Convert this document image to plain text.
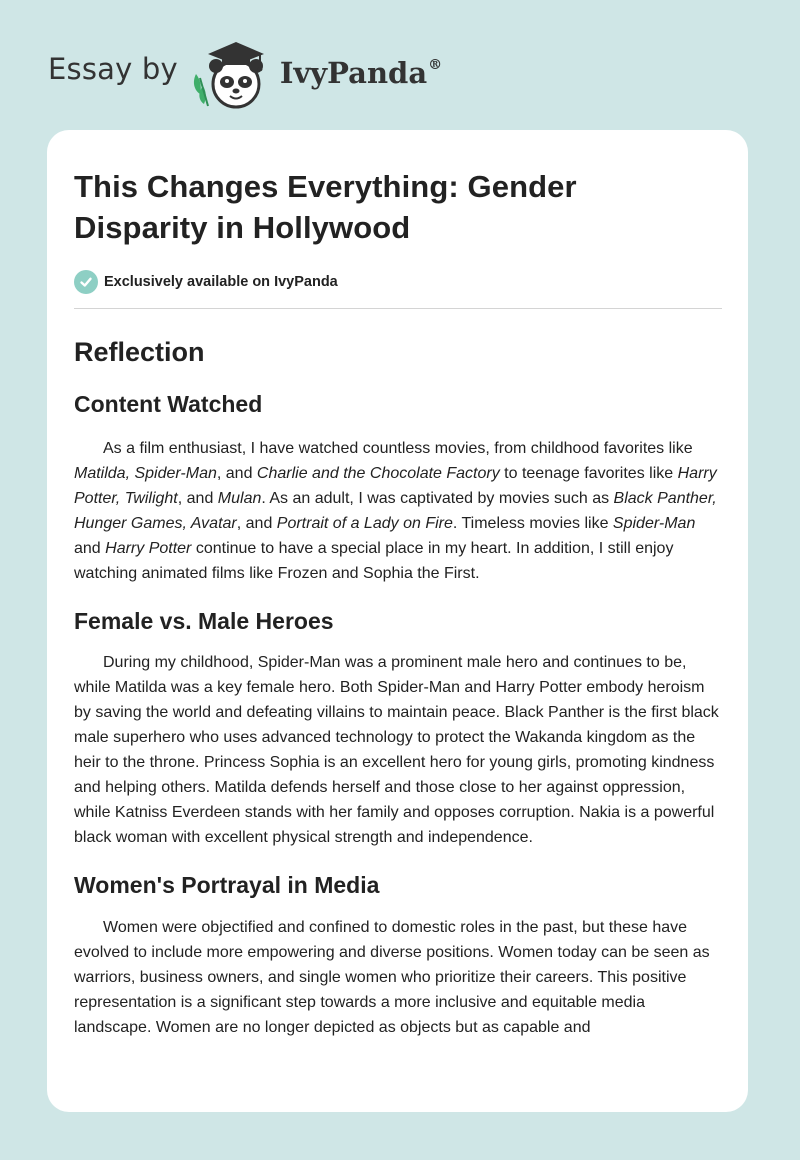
Essay by	IvyPanda®
This Changes Everything: Gender
Disparity in Hollywood
Exclusively available on IvyPanda
Reflection
Content Watched

As a film enthusiast, I have watched countless movies, from childhood favorites like Matilda, Spider-Man, and Charlie and the Chocolate Factory to teenage favorites like Harry Potter, Twilight, and Mulan. As an adult, I was captivated by movies such as Black Panther, Hunger Games, Avatar, and Portrait of a Lady on Fire. Timeless movies like Spider-Man and Harry Potter continue to have a special place in my heart. In addition, I still enjoy watching animated films like Frozen and Sophia the First.

Female vs. Male Heroes

During my childhood, Spider-Man was a prominent male hero and continues to be, while Matilda was a key female hero. Both Spider-Man and Harry Potter embody heroism by saving the world and defeating villains to maintain peace. Black Panther is the first black male superhero who uses advanced technology to protect the Wakanda kingdom as the heir to the throne. Princess Sophia is an excellent hero for young girls, promoting kindness and helping others. Matilda defends herself and those close to her against oppression, while Katniss Everdeen stands with her family and opposes corruption. Nakia is a powerful black woman with excellent physical strength and independence.

Women's Portrayal in Media

Women were objectified and confined to domestic roles in the past, but these have evolved to include more empowering and diverse positions. Women today can be seen as warriors, business owners, and single women who prioritize their careers. This positive representation is a significant step towards a more inclusive and equitable media landscape. Women are no longer depicted as objects but as capable and
